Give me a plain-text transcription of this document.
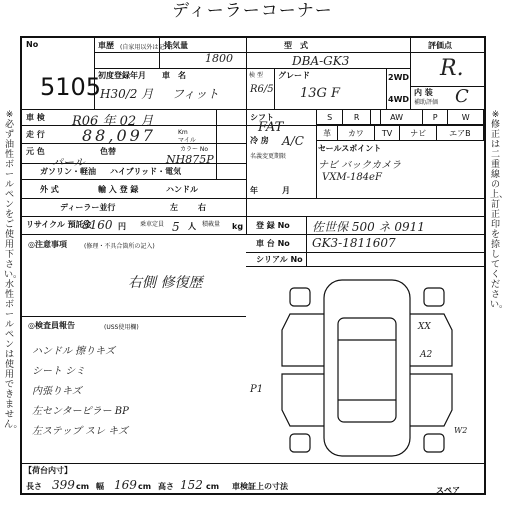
ディーラーコーナー
※必ず油性ボールペンをご使用下さい。水性ボールペンは使用できません。
※修正は二重線の上、訂正印を捺してください。
No
5105
車歴 (自家用以外は記入)
排気量
1800
型　式
DBA-GK3
初度登録年月
H30/2 月
車　名
フィット
検 型
R6/5
グレード
13G F
2WD
4WD
評価点
R.
内 装
補助評価 C
車 検 R06 年 02 月
走 行 88,097	Km
マイル
元 色	色替
パール
カラー No
NH875P
ガソリン・軽油 ハイブリッド・電気
シフト
FAT
冷 房 A/C
名義変更期限
年	月
S	R	AW	P	W
革	カワ	TV	ナビ	エアB
セールスポイント
ナビ バックカメラ
VXM-184eF
外 式	輸 入 登 録	ハンドル
ディーラー並行	左	右
リサイクル 預託金
8160 円 乗車定員 5 人 積載量 kg 登 録 No 佐世保 500 ネ 0911
車 台 No GK3-1811607
シリアル No
◎注意事項	(修理・不具合箇所の記入)
右側 修復歴
◎検査員報告	(USS使用欄)
ハンドル 擦りキズ
シート シミ
内張りキズ
左センターピラー BP
左ステップ スレ キズ
XX
A2
P1
W2
【荷台内寸】
長さ 399 cm 幅 169 cm 高さ 152 cm 車検証上の寸法	スペア
